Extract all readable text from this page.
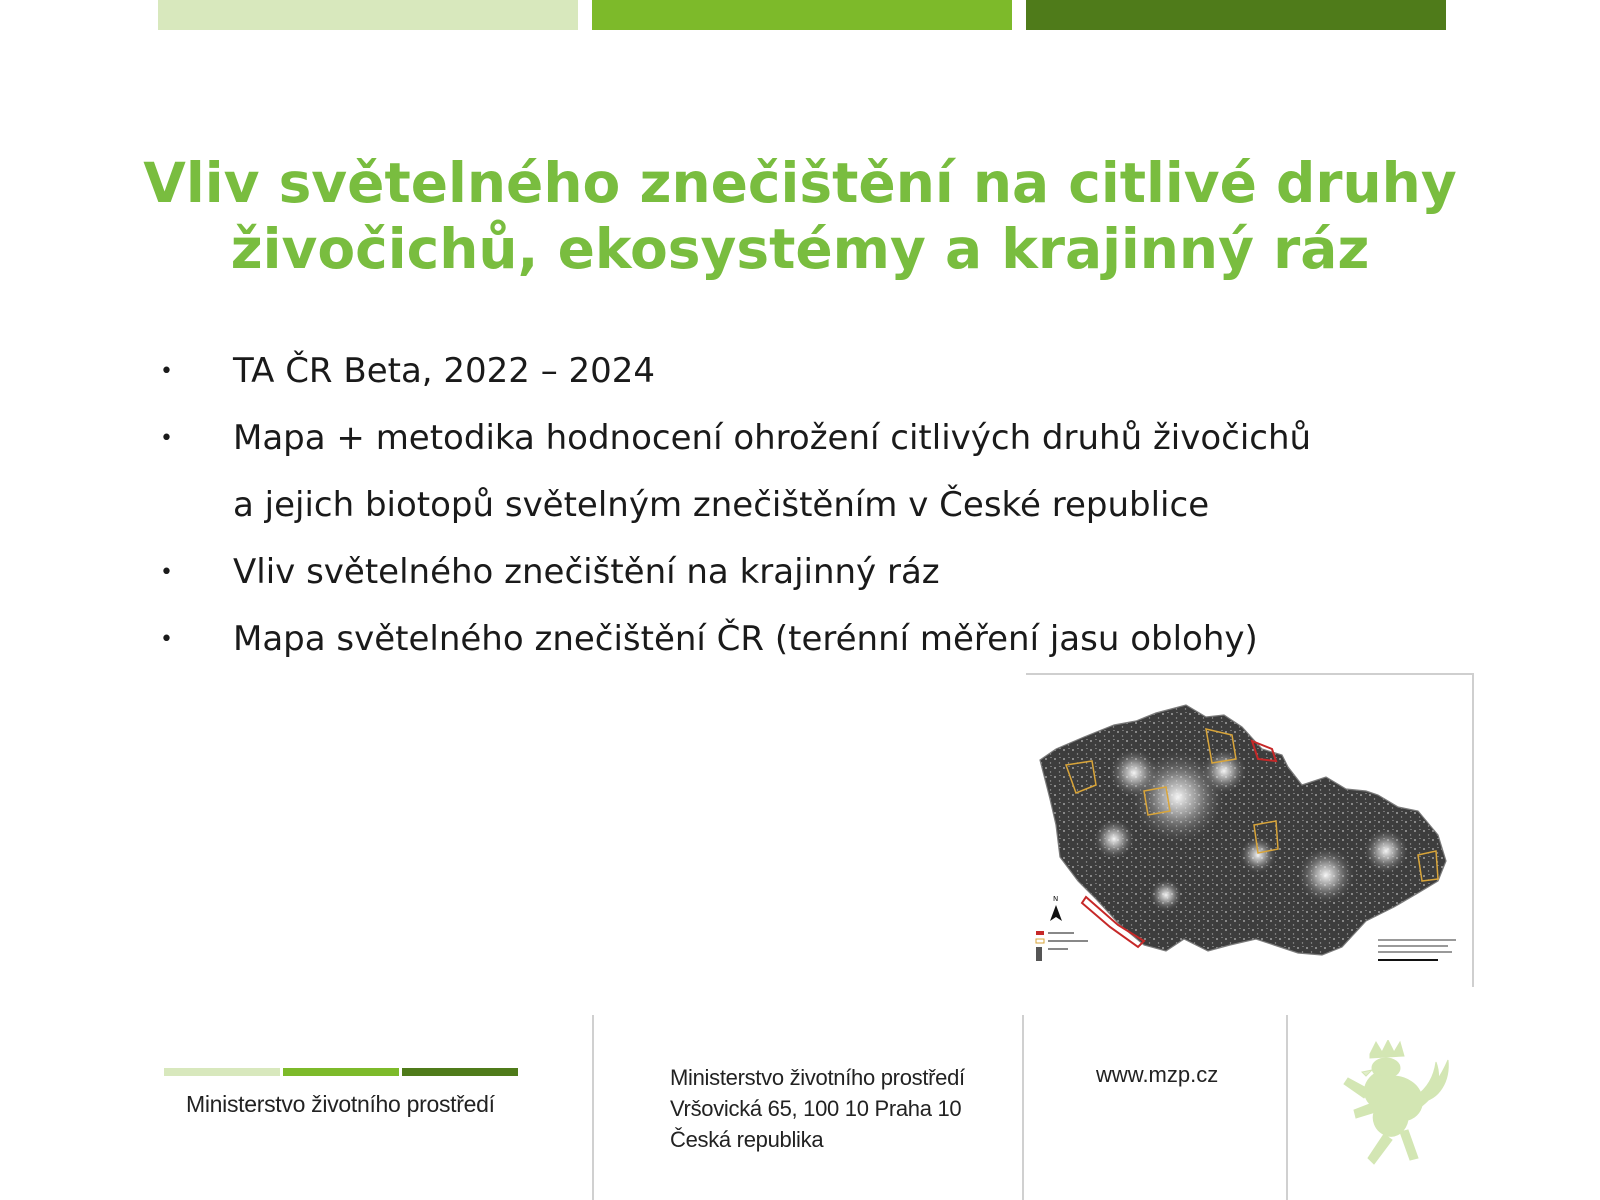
Vliv světelného znečištění na citlivé druhy
živočichů, ekosystémy a krajinný ráz
• TA ČR Beta, 2022 – 2024
• Mapa + metodika hodnocení ohrožení citlivých druhů živočichů
a jejich biotopů světelným znečištěním v České republice
• Vliv světelného znečištění na krajinný ráz
• Mapa světelného znečištění ČR (terénní měření jasu oblohy)
N
Ministerstvo životního prostředí
Ministerstvo životního prostředí
Vršovická 65, 100 10 Praha 10
Česká republika
www.mzp.cz
